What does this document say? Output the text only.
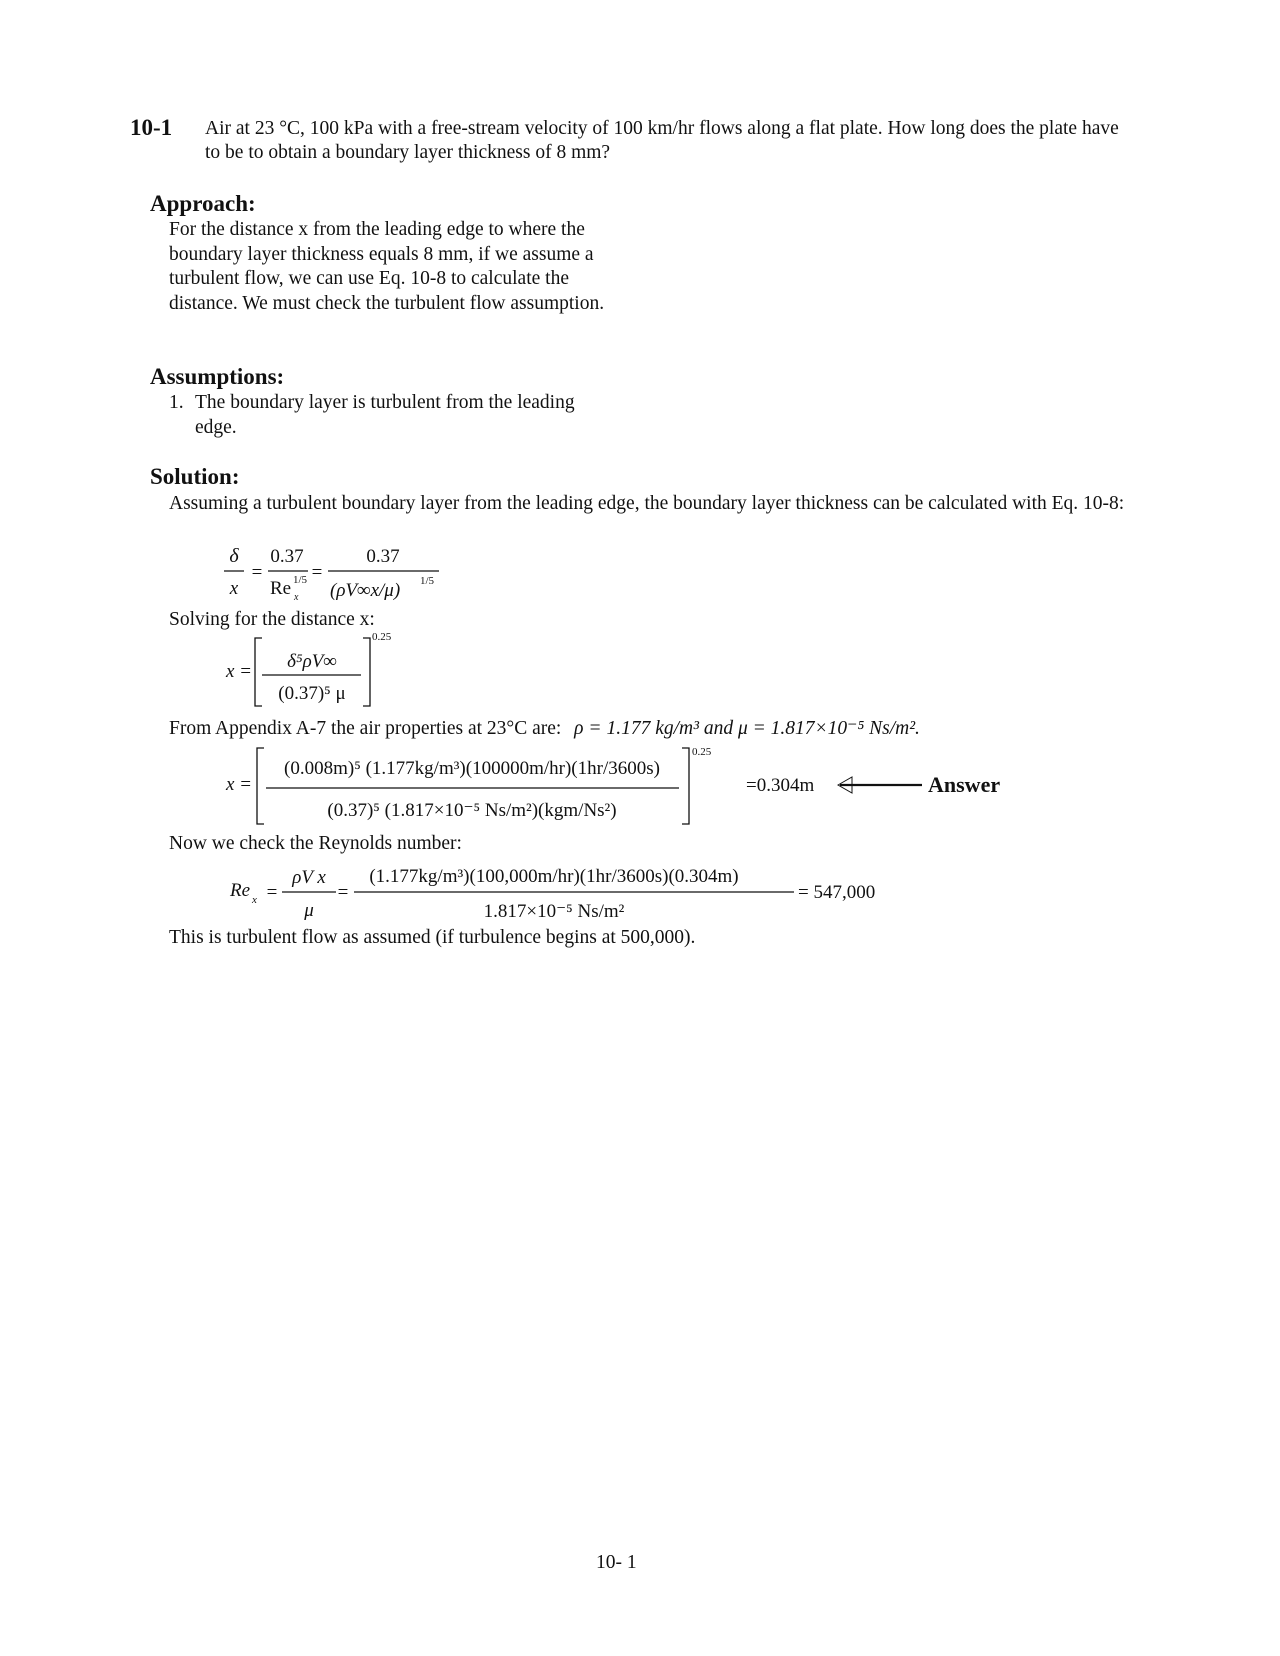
10-1 Air at 23 °C, 100 kPa with a free-stream velocity of 100 km/hr flows along a flat plate. How long does the plate have to be to obtain a boundary layer thickness of 8 mm?
Approach:
For the distance x from the leading edge to where the boundary layer thickness equals 8 mm, if we assume a turbulent flow, we can use Eq. 10-8 to calculate the distance. We must check the turbulent flow assumption.
Assumptions:
1. The boundary layer is turbulent from the leading edge.
Solution:
Assuming a turbulent boundary layer from the leading edge, the boundary layer thickness can be calculated with Eq. 10-8:
δ
x
=
0.37
Re 1/5
x
=
0.37
(ρV∞x/μ) 1/5
Solving for the distance x:
x = δ⁵ρV∞
(0.37)⁵ μ
0.25
From Appendix A-7 the air properties at 23°C are: ρ = 1.177 kg/m³ and μ = 1.817×10⁻⁵ Ns/m².
x =
(0.008m)⁵ (1.177kg/m³)(100000m/hr)(1hr/3600s)
(0.37)⁵ (1.817×10⁻⁵ Ns/m²)(kgm/Ns²)
0.25
=0.304m	Answer
Now we check the Reynolds number:
Re x =
ρV x
μ
=
(1.177kg/m³)(100,000m/hr)(1hr/3600s)(0.304m)
1.817×10⁻⁵ Ns/m²
= 547,000
This is turbulent flow as assumed (if turbulence begins at 500,000).
10- 1
